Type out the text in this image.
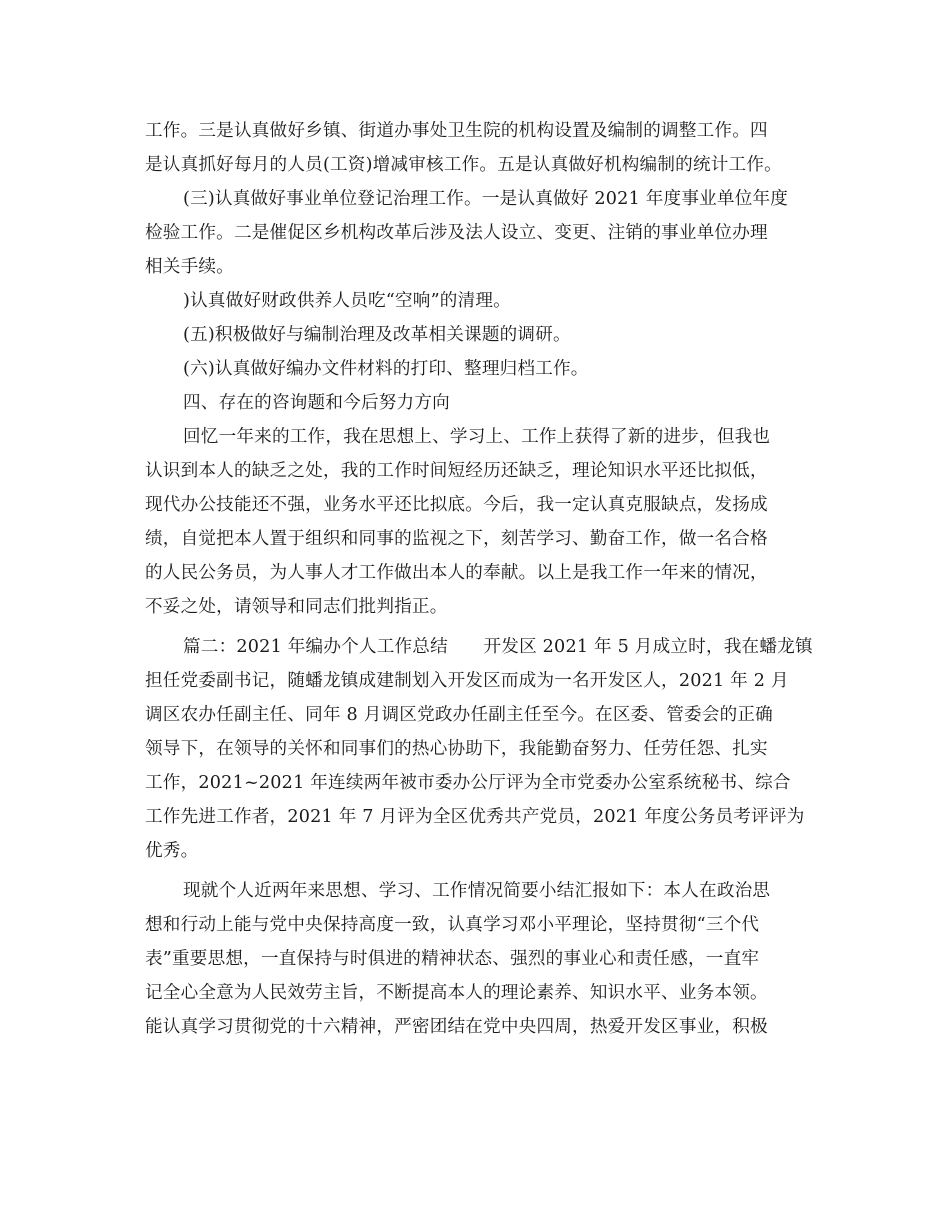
工作。三是认真做好乡镇、街道办事处卫生院的机构设置及编制的调整工作。四
是认真抓好每月的人员(工资)增减审核工作。五是认真做好机构编制的统计工作。
(三)认真做好事业单位登记治理工作。一是认真做好 2021 年度事业单位年度
检验工作。二是催促区乡机构改革后涉及法人设立、变更、注销的事业单位办理
相关手续。
)认真做好财政供养人员吃“空响”的清理。
(五)积极做好与编制治理及改革相关课题的调研。
(六)认真做好编办文件材料的打印、整理归档工作。
四、存在的咨询题和今后努力方向
回忆一年来的工作，我在思想上、学习上、工作上获得了新的进步，但我也
认识到本人的缺乏之处，我的工作时间短经历还缺乏，理论知识水平还比拟低，
现代办公技能还不强，业务水平还比拟底。今后，我一定认真克服缺点，发扬成
绩，自觉把本人置于组织和同事的监视之下，刻苦学习、勤奋工作，做一名合格
的人民公务员，为人事人才工作做出本人的奉献。以上是我工作一年来的情况，
不妥之处，请领导和同志们批判指正。
篇二：2021 年编办个人工作总结　　开发区 2021 年 5 月成立时，我在蟠龙镇
担任党委副书记，随蟠龙镇成建制划入开发区而成为一名开发区人，2021 年 2 月
调区农办任副主任、同年 8 月调区党政办任副主任至今。在区委、管委会的正确
领导下，在领导的关怀和同事们的热心协助下，我能勤奋努力、任劳任怨、扎实
工作，2021~2021 年连续两年被市委办公厅评为全市党委办公室系统秘书、综合
工作先进工作者，2021 年 7 月评为全区优秀共产党员，2021 年度公务员考评评为
优秀。
现就个人近两年来思想、学习、工作情况简要小结汇报如下：本人在政治思
想和行动上能与党中央保持高度一致，认真学习邓小平理论，坚持贯彻“三个代
表”重要思想，一直保持与时俱进的精神状态、强烈的事业心和责任感，一直牢
记全心全意为人民效劳主旨，不断提高本人的理论素养、知识水平、业务本领。
能认真学习贯彻党的十六精神，严密团结在党中央四周，热爱开发区事业，积极
